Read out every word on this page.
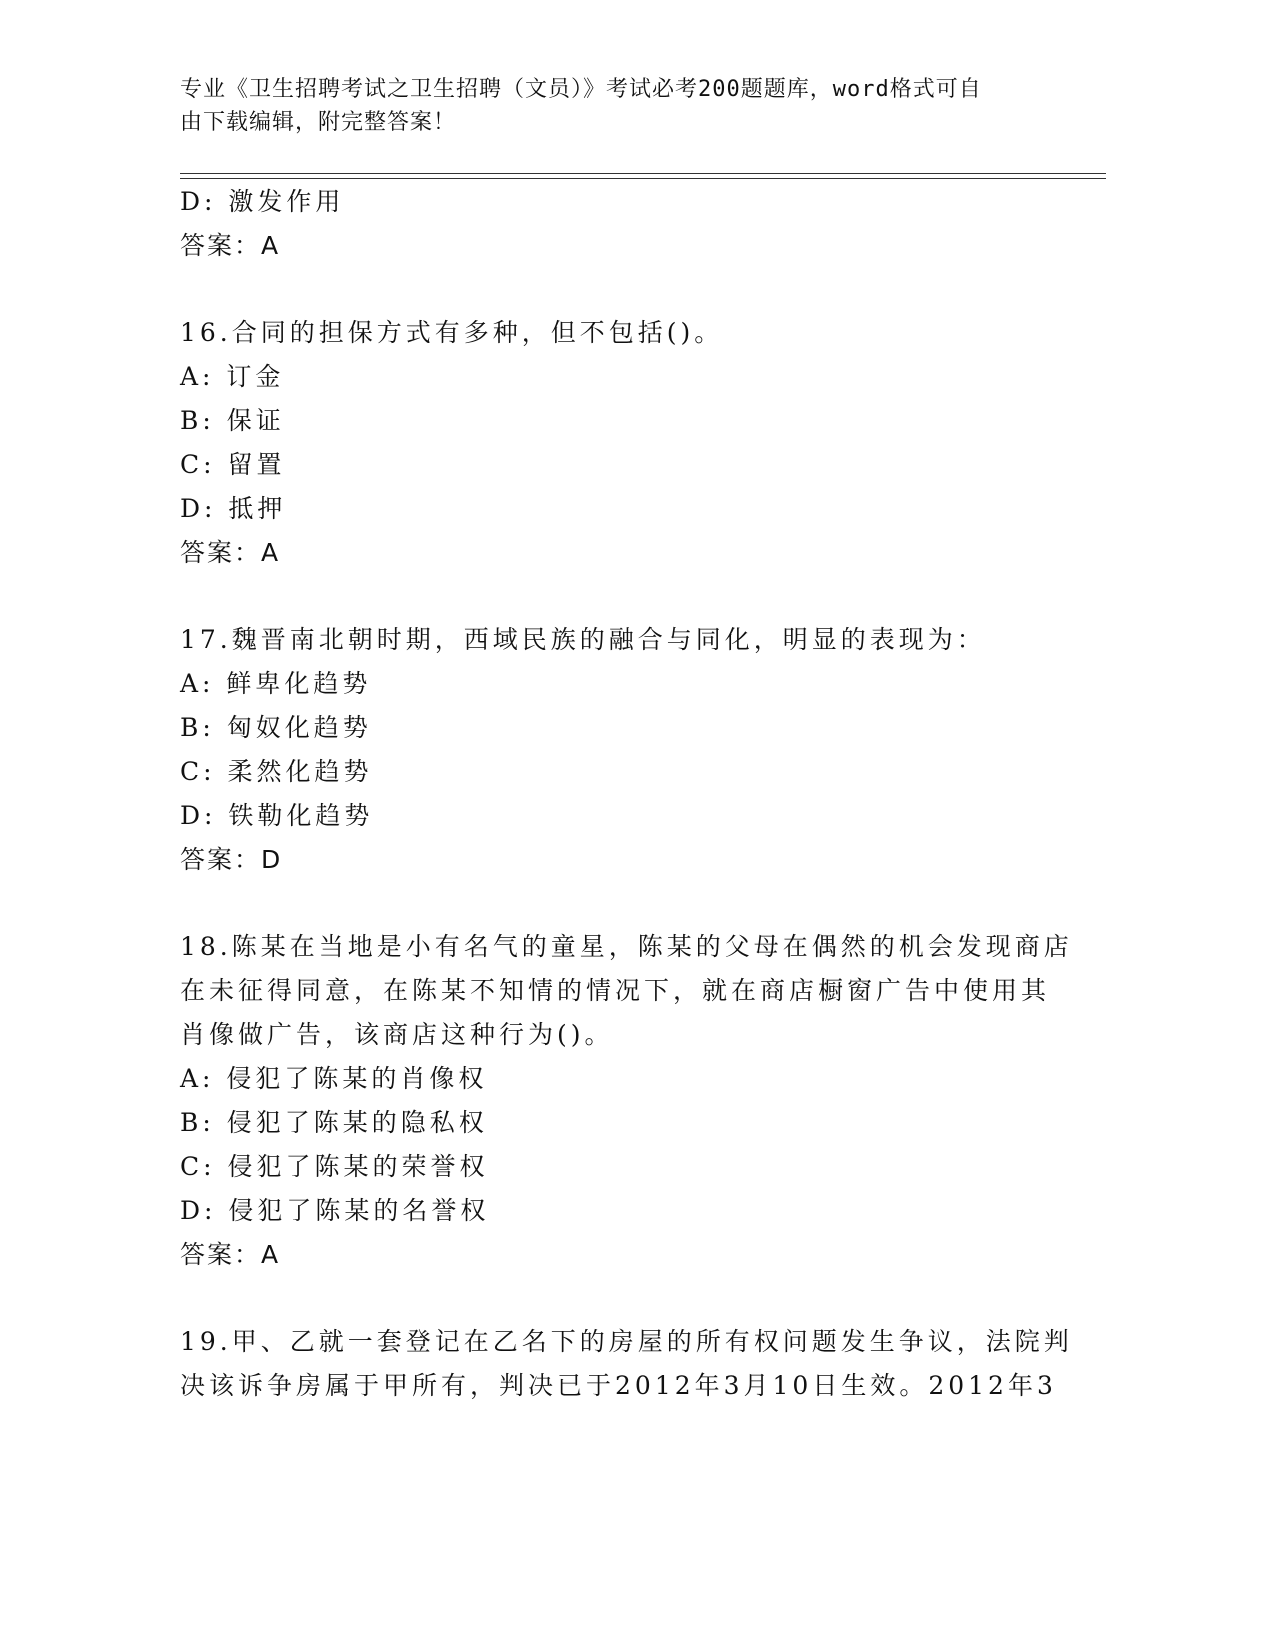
专业《卫生招聘考试之卫生招聘（文员）》考试必考200题题库，word格式可自
由下载编辑，附完整答案！
D: 激发作用
答案：A
16.合同的担保方式有多种，但不包括()。
A: 订金
B: 保证
C: 留置
D: 抵押
答案：A
17.魏晋南北朝时期，西域民族的融合与同化，明显的表现为：
A: 鲜卑化趋势
B: 匈奴化趋势
C: 柔然化趋势
D: 铁勒化趋势
答案：D
18.陈某在当地是小有名气的童星，陈某的父母在偶然的机会发现商店
在未征得同意，在陈某不知情的情况下，就在商店橱窗广告中使用其
肖像做广告，该商店这种行为()。
A: 侵犯了陈某的肖像权
B: 侵犯了陈某的隐私权
C: 侵犯了陈某的荣誉权
D: 侵犯了陈某的名誉权
答案：A
19.甲、乙就一套登记在乙名下的房屋的所有权问题发生争议，法院判
决该诉争房属于甲所有，判决已于2012年3月10日生效。2012年3
